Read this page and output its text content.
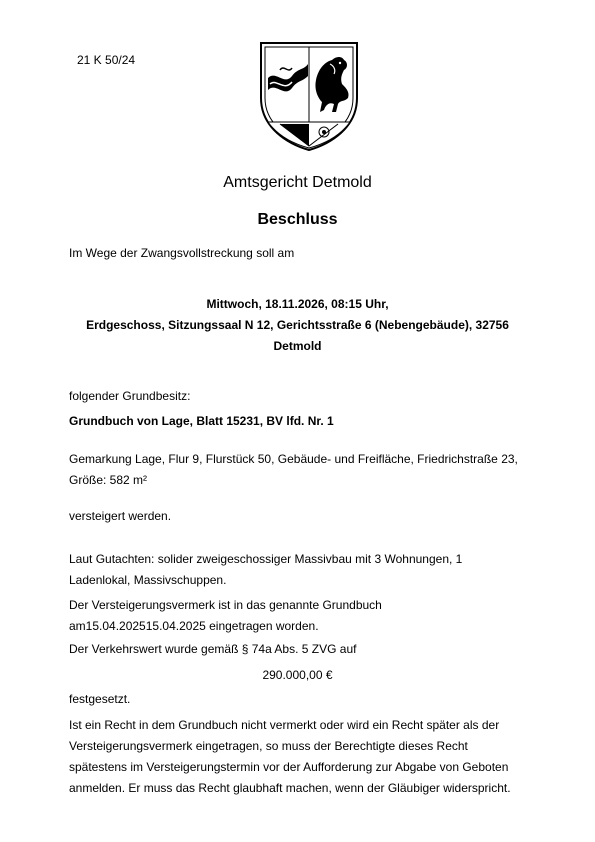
21 K 50/24
Amtsgericht Detmold
Beschluss
Im Wege der Zwangsvollstreckung soll am
Mittwoch, 18.11.2026, 08:15 Uhr,
Erdgeschoss, Sitzungssaal N 12, Gerichtsstraße 6 (Nebengebäude), 32756
Detmold
folgender Grundbesitz:
Grundbuch von Lage, Blatt 15231, BV lfd. Nr. 1
Gemarkung Lage, Flur 9, Flurstück 50, Gebäude- und Freifläche, Friedrichstraße 23,
Größe: 582 m²
versteigert werden.
Laut Gutachten: solider zweigeschossiger Massivbau mit 3 Wohnungen, 1
Ladenlokal, Massivschuppen.
Der Versteigerungsvermerk ist in das genannte Grundbuch
am15.04.202515.04.2025 eingetragen worden.
Der Verkehrswert wurde gemäß § 74a Abs. 5 ZVG auf
290.000,00 €
festgesetzt.
Ist ein Recht in dem Grundbuch nicht vermerkt oder wird ein Recht später als der
Versteigerungsvermerk eingetragen, so muss der Berechtigte dieses Recht
spätestens im Versteigerungstermin vor der Aufforderung zur Abgabe von Geboten
anmelden. Er muss das Recht glaubhaft machen, wenn der Gläubiger widerspricht.
